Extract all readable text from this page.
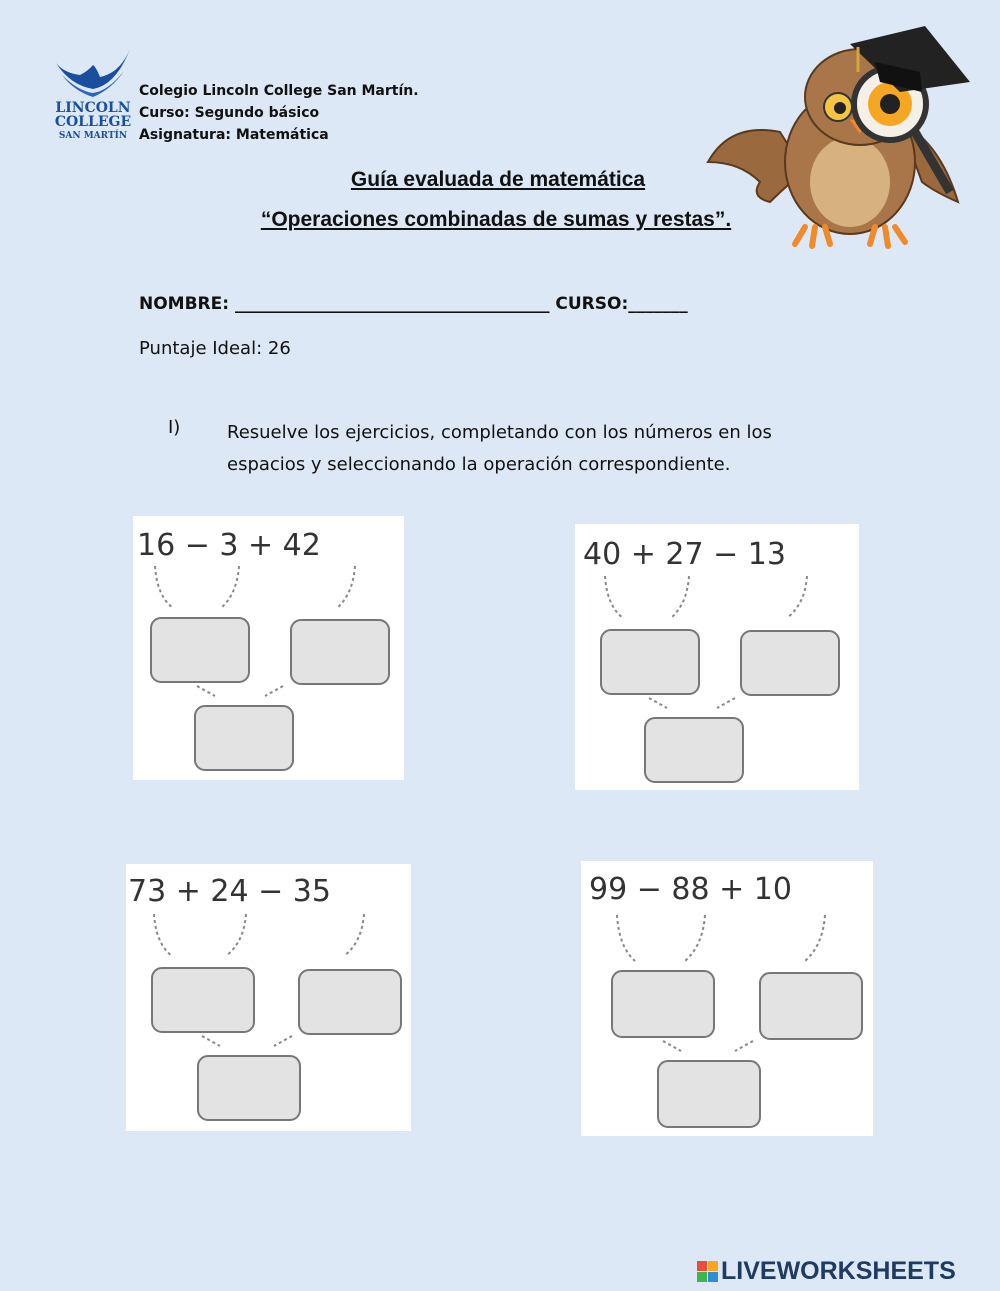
LINCOLN
COLLEGE
SAN MARTÍN
Colegio Lincoln College San Martín.
Curso: Segundo básico
Asignatura: Matemática
Guía evaluada de matemática
“Operaciones combinadas de sumas y restas”.
NOMBRE: _____________________________________ CURSO:_______
Puntaje Ideal: 26
I)	Resuelve los ejercicios, completando con los números en los espacios y seleccionando la operación correspondiente.
16 − 3 + 42	40 + 27 − 13
73 + 24 − 35	99 − 88 + 10
LIVEWORKSHEETS
